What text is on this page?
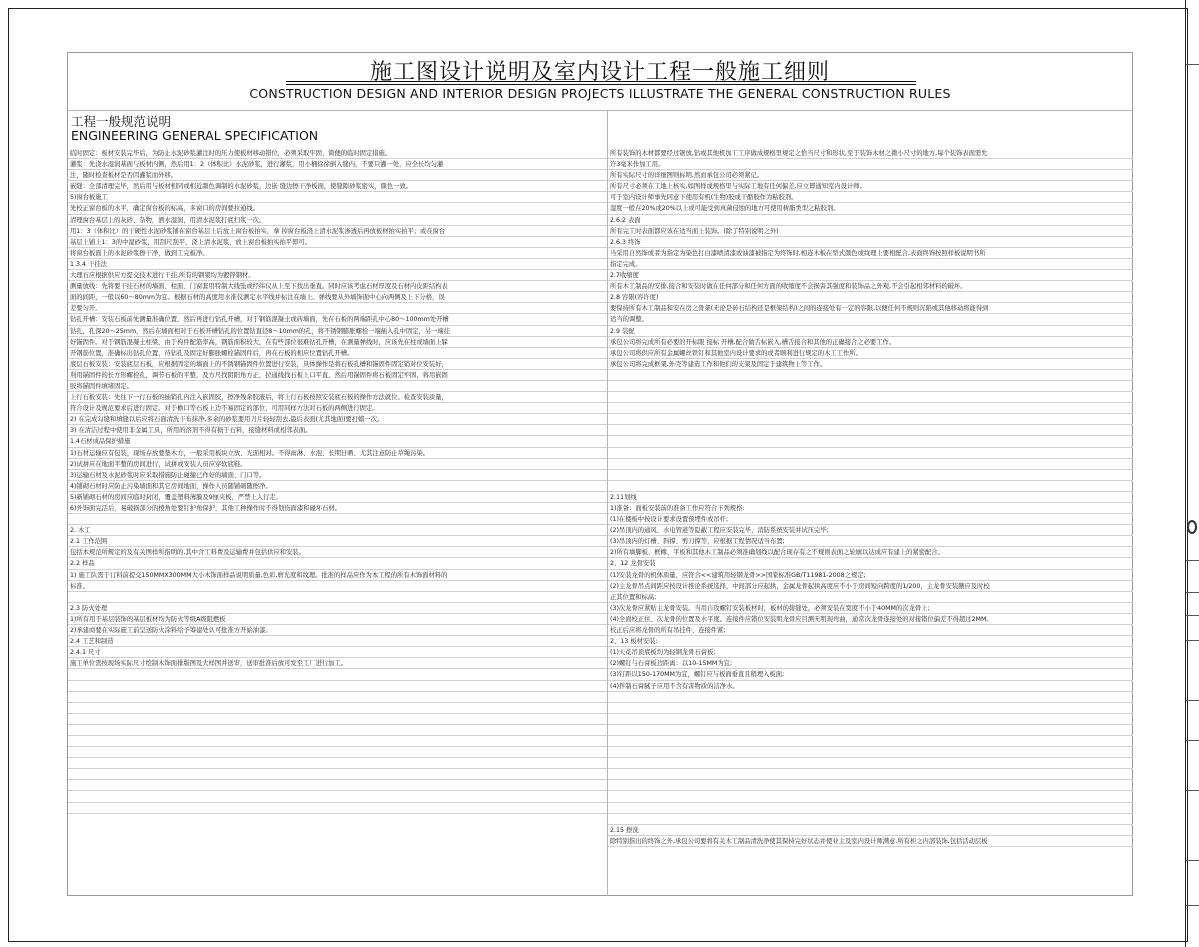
施工图设计说明及室内设计工程一般施工细则
CONSTRUCTION DESIGN AND INTERIOR DESIGN PROJECTS ILLUSTRATE THE GENERAL CONSTRUCTION RULES
工程一般规范说明
ENGINEERING GENERAL SPECIFICATION
临时固定：板材安装完毕后，为防止水泥砂浆灌注时的压力使板材移动错位，必须采取牢固、简便的临时固定措施。
灌浆：先浇水湿润基面与板材内侧，然后用1：2（体积比）水泥砂浆，进行灌浆，用小桶徐徐倒入缝内，不要只灌一处，应全长均匀灌
注，随时检查板材是否因灌浆而外移。
嵌缝：全部清理完毕，然后用与板材相同或相近颜色调制的水泥砂浆，边嵌 缝边擦干净板面，使缝隙砂浆密实，颜色一致。
5)窗台板施工
先校正窗台板的水平，确定窗台板的标高，多窗口的房间要拉通线。
清理窗台基层上的灰砂、杂物，洒水湿润，用清水泥浆打底扫浆一次。
用1：3（体积比）的干硬性水泥砂浆铺在窗台基层上后放上窗台板拍实，拿 掉窗台板浇上清水泥浆渗透后再放板材拍实拍平；或在窗台
基层上铺上1：3的中湿砂浆，用刮尺刮平，浇上清水泥浆，放上窗台板拍实拍平即可。
将窗台板面上的水泥砂浆擦干净，做到工完板净。
1.3.4 干挂法
大理石应根据供应方提交技术进行干挂,所有的钢架均为镀锌钢材。
测量放线：先将要干挂石材的墙面、柱面、门窗套用特制大线坠或经纬仪从上至下找出垂直。同时应该考虑石材厚度及石材内皮距结构表
面的间距，一般以60～80mm为宜。根据石材的高度用水准仪测定水平线并标注在墙上。弹线要从外墙饰面中心向两侧及上下分格，误
差要匀开。
钻孔开槽：安装石板前先测量准确位置，然后再进行钻孔开槽，对于钢筋混凝土或砖墙面，先在石板的两端距孔中心80～100mm处开槽
钻孔，孔深20～25mm，然后在墙面相对于石板开槽钻孔的位置钻直径8～10mm的孔，将不锈钢膨胀螺栓一端插入孔中固定，另一端挂
好锚固件。对于钢筋混凝土柱梁，由于构件配筋率高，钢筋面积较大，在有些部位很难钻孔开槽，在测量弹线时，应该先在柱或墙面上躲
开钢筋位置，准确标出钻孔位置，待钻孔及固定好膨胀螺栓锚固件后，再在石板的相应位置钻孔开槽。
底层石板安装：安装底层石板，应根据固定的墙面上的不锈钢锚固件位置进行安装，具体操作是将石板孔槽和锚固件固定销对位安装好，
利用锚固件的长方形螺栓孔，调节石板的平整，及方尺找阴阳角方正，拉通线找石板上口平直，然后用锚固件将石板固定牢固，将用嵌固
胶将锚固件填堵固定。
上行石板安装：先往下一行石板的插销孔内注入嵌固胶，擦净残余胶液后，将上行石板按照安装底石板的操作方法就位。检查安装质量，
符合设计及规范要求后进行固定。对于檐口等石板上边不易固定的部位，可用同样方法对石板的两侧进行固定。
2) 在完成勾缝和填缝以后应将石面清洗干布抹净,多余的砂浆要用刀片轻轻刮去,最后表面(尤其地面)要打蜡一次。
3) 在清洁过程中使用非金属工具，所用的溶剂不得有损于石料，接缝材料或相邻表面。
1.4石材成品保护措施
1)石材运输应有包装，现场存放要垫木方，一般采用板块立放、光面相对。不得雨淋、水泡、长期日晒、尤其注意防止草绳污染。
2)试拼应在地面平整的房间进行，试拼或安装人员应穿软底鞋。
3)运输石材及水泥砂浆时应采取措施防止碰撞已作好的墙面、门口等。
4)铺砌石材时应防止污染墙面和其它房间地面，操作人员随铺砌随擦净。
5)新铺砌石材的房间应临时封闭，覆盖塑料薄膜及9厘夹板，严禁上人行走。
6)外饰面完活后，易破损部分的棱角处要钉护角保护，其他工种操作时不得划伤面漆和碰坏石材。
2. 木工
2.1 工作范围
包括本规范所规定的及有关图样所指明的,其中含工料费及运输费并包括供应和安装。
2.2 样品
1) 施工队需于订料前提交150MMX300MM大小木饰面样品说明质量,色彩,磨光度和纹理。批准的样品应作为本工程的所有木饰面材料的
标准。
2.3 防火处理
1)所有用于基层装饰的基层板材均为防火等级A级阻燃板
2)承建商要在实际施工前呈送防火涂料给予筹建处认可批准方开始油漆。
2.4 工艺和制造
2.4.1 尺寸
施工单位需按现场实际尺寸绘制木饰面排版图及大样图并送审，送审批准后放可发至工厂进行加工。
所有装饰的木材都要经过锯放,钻或其他机加工工序做成规格里规定之恰当尺寸和形状,至于装饰木材之微小尺寸的地方,每个装饰表面需允
许3毫米作加工用。
所有实际尺寸的详细图则标明,然而承包公司必须紧记。
所有尺寸必须在工地上核实,如图样或规格里与实际工地有任何偏差,应立即通知室内设计师。
可于室内设计师事先同意下使用有机(生物)胶或干酪胶作为粘胶剂。
湿度一般在20%或20%以上或可能受到真菌侵蚀的地方可使用树脂类型之粘胶剂。
2.6.2 表面
所有完工时表面都应该在适当面上装饰。(除了特别说明之外)
2.6.3 终饰
当采用自然饰或者为指定为染色打白漆喷清漆或油漆被指定为终饰时,相连木板在型式颜色或纹理上要相配合,表面终饰按照样板说明书所
指定完成。
2.7收缩度
所有木工制品的安排,接合和安装时做在任何部分和任何方面的收缩度不会损害其强度和装饰品之外观,不会引起相邻材料的破坏。
2.8 容限(容许度)
要保持所有木工制品和安在房之骨架(无论是砖石结构还是框架结构)之间的连接处有一定的容限,以便任何不规则沉陷或其他移动将能得到
适当的调整。
2.9 装配
承包公司将完成所有必要的开标眼 接标 开槽,配合做舌标嵌入,槽舌接合和其他的正确接合之必要工作。
承包公司将供应所有金属螺丝铁钉和其他室内设计要求的或者顺利进行规定的木工工作所。
承包公司将完成框架,外壳等建造工作和他们的支架及固定于建筑物上等工作。
2.11划线
1)准备：面板安装前的准备工作应符合下列规格:
(1)在楼板中按设计要求设置预埋件或吊杆;
(2)吊顶内的通风、水电管道等隐蔽工程应安装完毕，消防系统安装并试压完毕;
(3)吊顶内的灯槽、斜撑、剪刀撑等，应根据工程情况适当布置;
2)所有墙脚板、框橼、平板和其他木工制品必须准确划线以配合现存有之不规则表面之轮廓以达成应有建上的紧密配合。
2、12 龙骨安装
(1)安装龙骨的机体质量，应符合<<建筑用轻钢龙骨>>国家标准GB/T11981-2008之规定;
(2)主龙骨吊点间距应按设计推论系统选择，中间部分应起拱，金属龙骨起拱高度应不小于房间短向跨度的1/200，主龙骨安装腋应及时校
正其位置和标高;
(3)次龙骨应紧贴主龙骨安装。当用自攻螺钉安装板材时，板材的接缝处，必须安装在宽度不小于40MM的次龙骨上;
(4)全面校正住、次龙骨的位置及水平度。连接件应错位安装明龙骨应目测无明现弯曲，通常次龙骨连接处的对接错位偏差不得超过2MM。
校正后应将龙骨的所有吊挂件、连接件紧;
2、13 板材安装:
(1)天花吊顶底板均为轻钢龙骨石膏板;
(2)螺钉与石膏板边距离：以10-15MM为宜;
(3)钉距以150-170MM为宜，螺钉应与板面垂直且稍埋入板面;
(4)拌制石膏腻子应用不含有害物质的洁净水。
2.15 擦洗
除特别指出的终饰之外,承包公司要将有关木工制品清洗净使其保持完好状态并使业主及室内设计师满意.所有柜之内部装饰,包括活动层板
